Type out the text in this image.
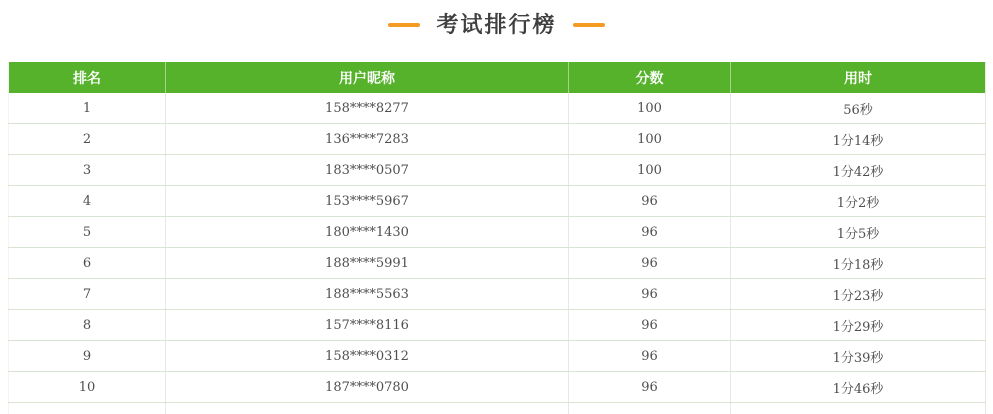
考试排行榜
排名	用户昵称	分数	用时
1	158****8277	100	56秒
2	136****7283	100	1分14秒
3	183****0507	100	1分42秒
4	153****5967	96	1分2秒
5	180****1430	96	1分5秒
6	188****5991	96	1分18秒
7	188****5563	96	1分23秒
8	157****8116	96	1分29秒
9	158****0312	96	1分39秒
10	187****0780	96	1分46秒
